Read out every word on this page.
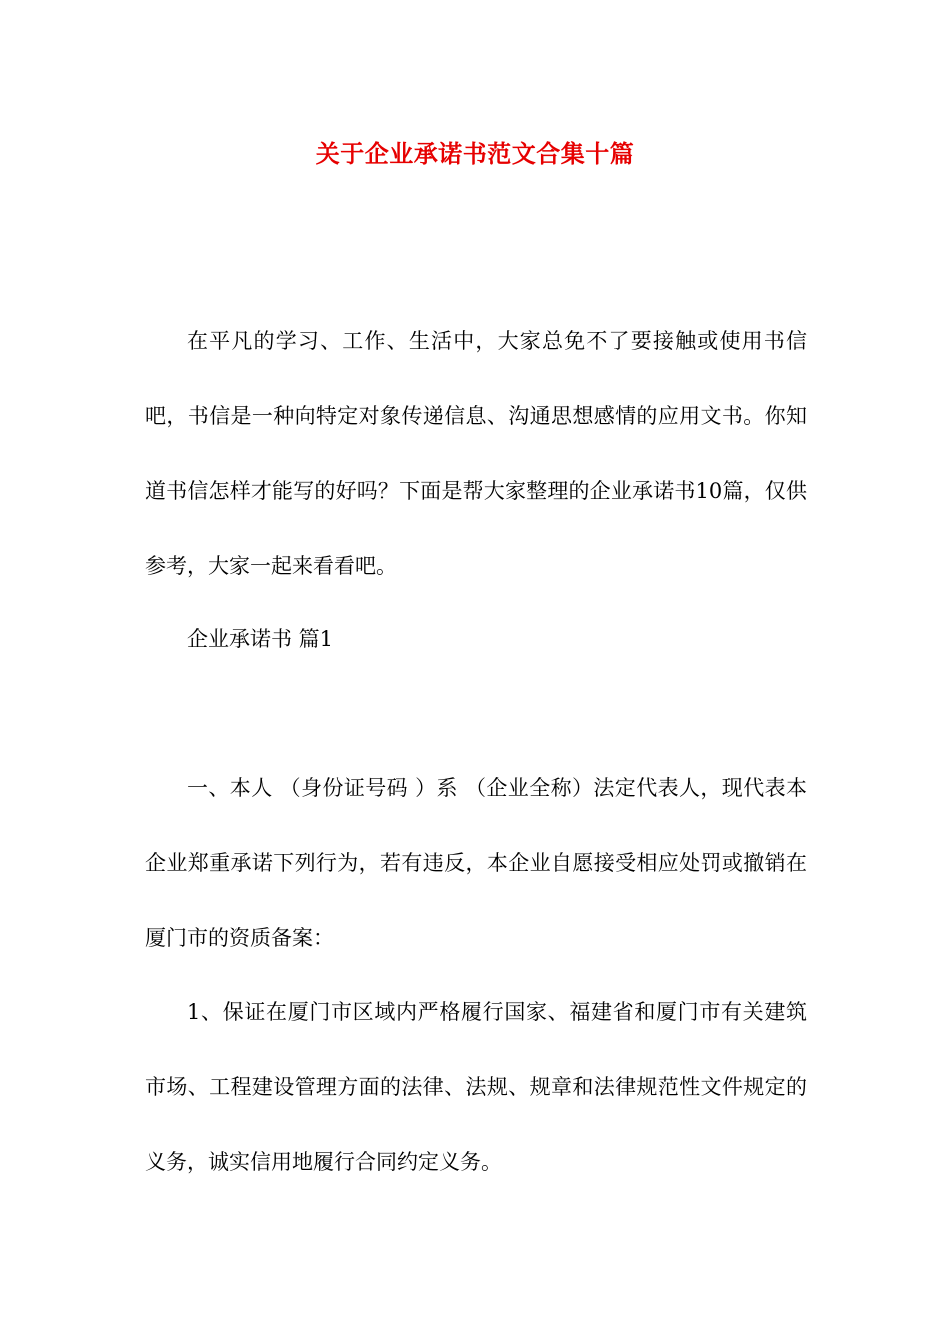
关于企业承诺书范文合集十篇

在平凡的学习、工作、生活中，大家总免不了要接触或使用书信吧，书信是一种向特定对象传递信息、沟通思想感情的应用文书。你知道书信怎样才能写的好吗？下面是帮大家整理的企业承诺书10篇，仅供参考，大家一起来看看吧。

企业承诺书 篇1

一、本人 （身份证号码 ）系 （企业全称）法定代表人，现代表本企业郑重承诺下列行为，若有违反，本企业自愿接受相应处罚或撤销在厦门市的资质备案：

1、保证在厦门市区域内严格履行国家、福建省和厦门市有关建筑市场、工程建设管理方面的法律、法规、规章和法律规范性文件规定的义务，诚实信用地履行合同约定义务。
